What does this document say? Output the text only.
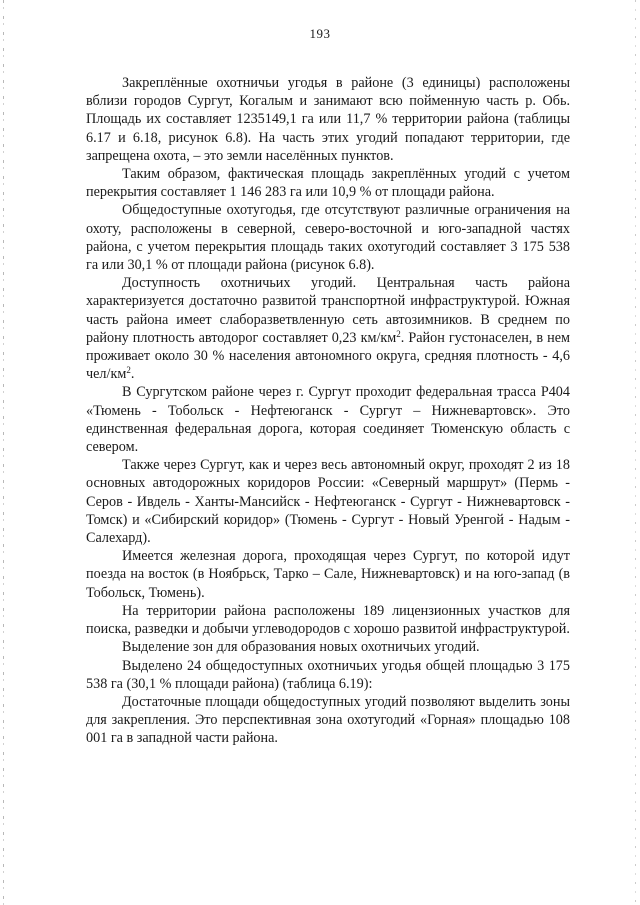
193

Закреплённые охотничьи угодья в районе (3 единицы) расположены вблизи городов Сургут, Когалым и занимают всю пойменную часть р. Обь. Площадь их составляет 1235149,1 га или 11,7 % территории района (таблицы 6.17 и 6.18, рисунок 6.8). На часть этих угодий попадают территории, где запрещена охота, – это земли населённых пунктов.

Таким образом, фактическая площадь закреплённых угодий с учетом перекрытия составляет 1 146 283 га или 10,9 % от площади района.

Общедоступные охотугодья, где отсутствуют различные ограничения на охоту, расположены в северной, северо-восточной и юго-западной частях района, с учетом перекрытия площадь таких охотугодий составляет 3 175 538 га или 30,1 % от площади района (рисунок 6.8).

Доступность охотничьих угодий. Центральная часть района характеризуется достаточно развитой транспортной инфраструктурой. Южная часть района имеет слаборазветвленную сеть автозимников. В среднем по району плотность автодорог составляет 0,23 $км/км^2$. Район густонаселен, в нем проживает около 30 % населения автономного округа, средняя плотность - 4,6 чел/$км^2$.

В Сургутском районе через г. Сургут проходит федеральная трасса Р404 «Тюмень - Тобольск - Нефтеюганск - Сургут – Нижневартовск». Это единственная федеральная дорога, которая соединяет Тюменскую область с севером.

Также через Сургут, как и через весь автономный округ, проходят 2 из 18 основных автодорожных коридоров России: «Северный маршрут» (Пермь - Серов - Ивдель - Ханты-Мансийск - Нефтеюганск - Сургут - Нижневартовск - Томск) и «Сибирский коридор» (Тюмень - Сургут - Новый Уренгой - Надым - Салехард).

Имеется железная дорога, проходящая через Сургут, по которой идут поезда на восток (в Ноябрьск, Тарко – Сале, Нижневартовск) и на юго-запад (в Тобольск, Тюмень).

На территории района расположены 189 лицензионных участков для поиска, разведки и добычи углеводородов с хорошо развитой инфраструктурой.

Выделение зон для образования новых охотничьих угодий.

Выделено 24 общедоступных охотничьих угодья общей площадью 3 175 538 га (30,1 % площади района) (таблица 6.19):

Достаточные площади общедоступных угодий позволяют выделить зоны для закрепления. Это перспективная зона охотугодий «Горная» площадью 108 001 га в западной части района.
